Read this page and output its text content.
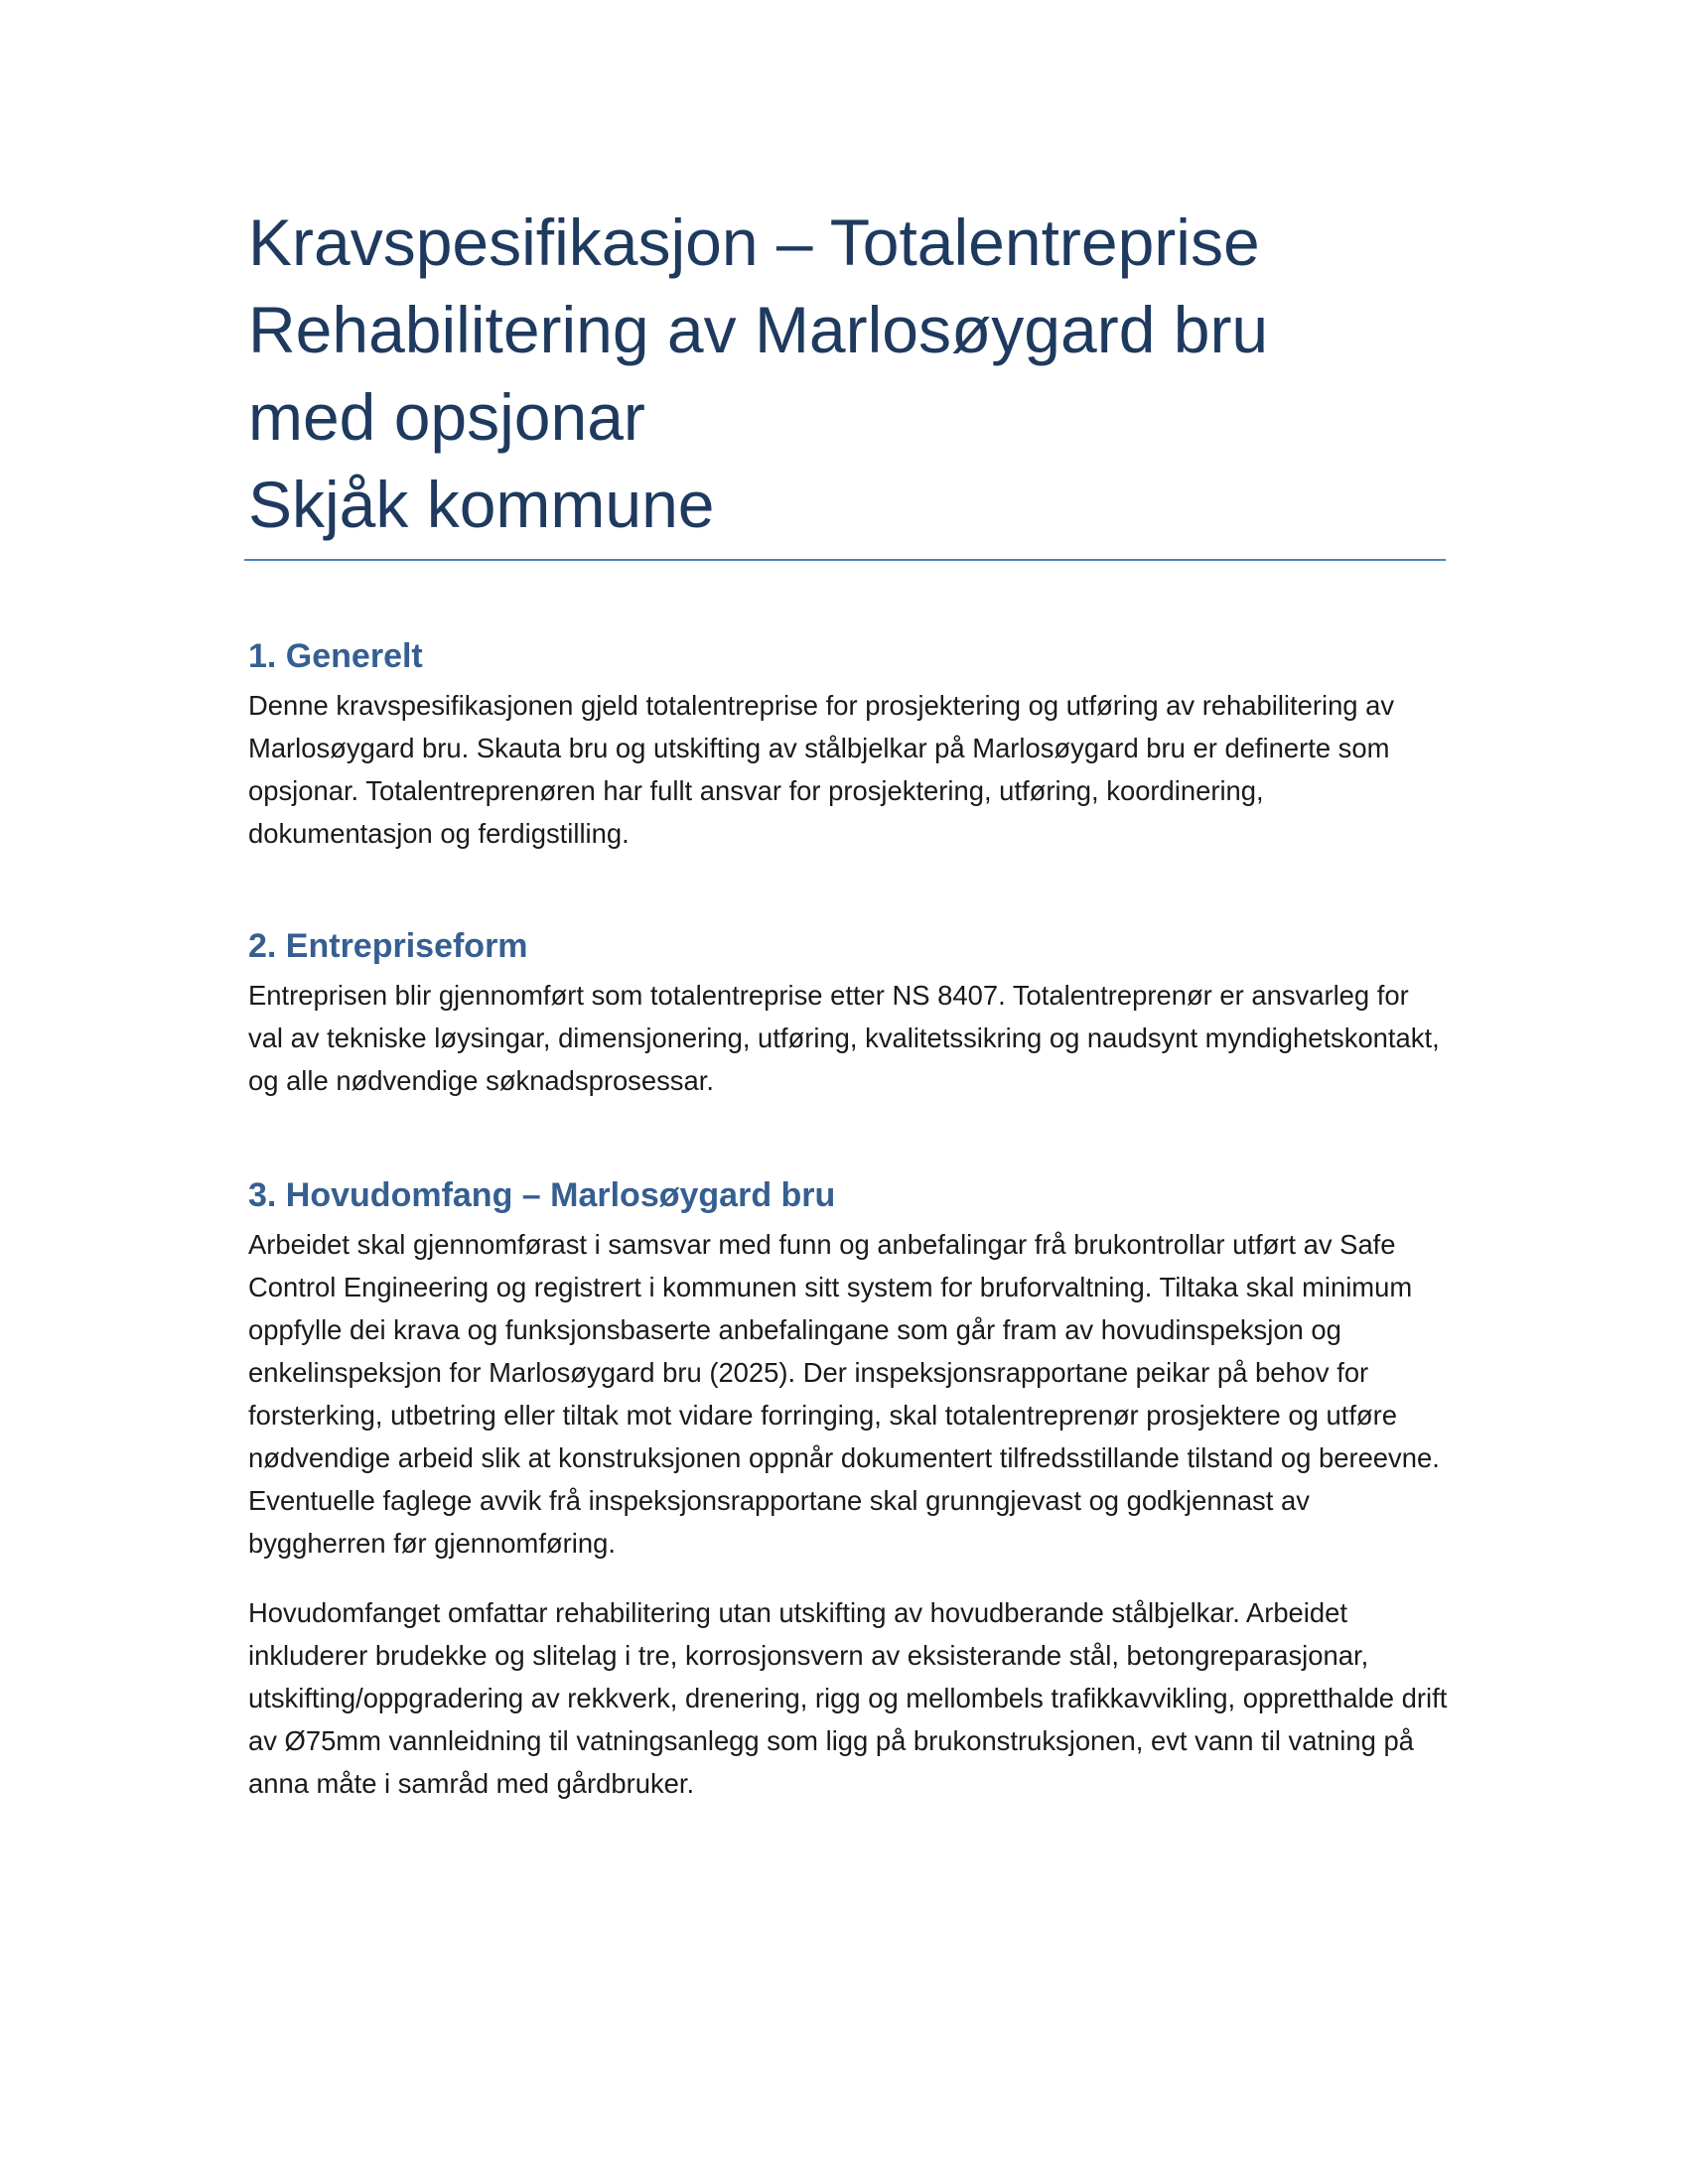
Kravspesifikasjon – Totalentreprise
Rehabilitering av Marlosøygard bru
med opsjonar
Skjåk kommune
1. Generelt

Denne kravspesifikasjonen gjeld totalentreprise for prosjektering og utføring av rehabilitering av Marlosøygard bru. Skauta bru og utskifting av stålbjelkar på Marlosøygard bru er definerte som opsjonar. Totalentreprenøren har fullt ansvar for prosjektering, utføring, koordinering, dokumentasjon og ferdigstilling.

2. Entrepriseform

Entreprisen blir gjennomført som totalentreprise etter NS 8407. Totalentreprenør er ansvarleg for val av tekniske løysingar, dimensjonering, utføring, kvalitetssikring og naudsynt myndighetskontakt, og alle nødvendige søknadsprosessar.

3. Hovudomfang – Marlosøygard bru

Arbeidet skal gjennomførast i samsvar med funn og anbefalingar frå brukontrollar utført av Safe Control Engineering og registrert i kommunen sitt system for bruforvaltning. Tiltaka skal minimum oppfylle dei krava og funksjonsbaserte anbefalingane som går fram av hovudinspeksjon og enkelinspeksjon for Marlosøygard bru (2025). Der inspeksjonsrapportane peikar på behov for forsterking, utbetring eller tiltak mot vidare forringing, skal totalentreprenør prosjektere og utføre nødvendige arbeid slik at konstruksjonen oppnår dokumentert tilfredsstillande tilstand og bereevne. Eventuelle faglege avvik frå inspeksjonsrapportane skal grunngjevast og godkjennast av byggherren før gjennomføring.

Hovudomfanget omfattar rehabilitering utan utskifting av hovudberande stålbjelkar. Arbeidet inkluderer brudekke og slitelag i tre, korrosjonsvern av eksisterande stål, betongreparasjonar, utskifting/oppgradering av rekkverk, drenering, rigg og mellombels trafikkavvikling, oppretthalde drift av Ø75mm vannleidning til vatningsanlegg som ligg på brukonstruksjonen, evt vann til vatning på anna måte i samråd med gårdbruker.
